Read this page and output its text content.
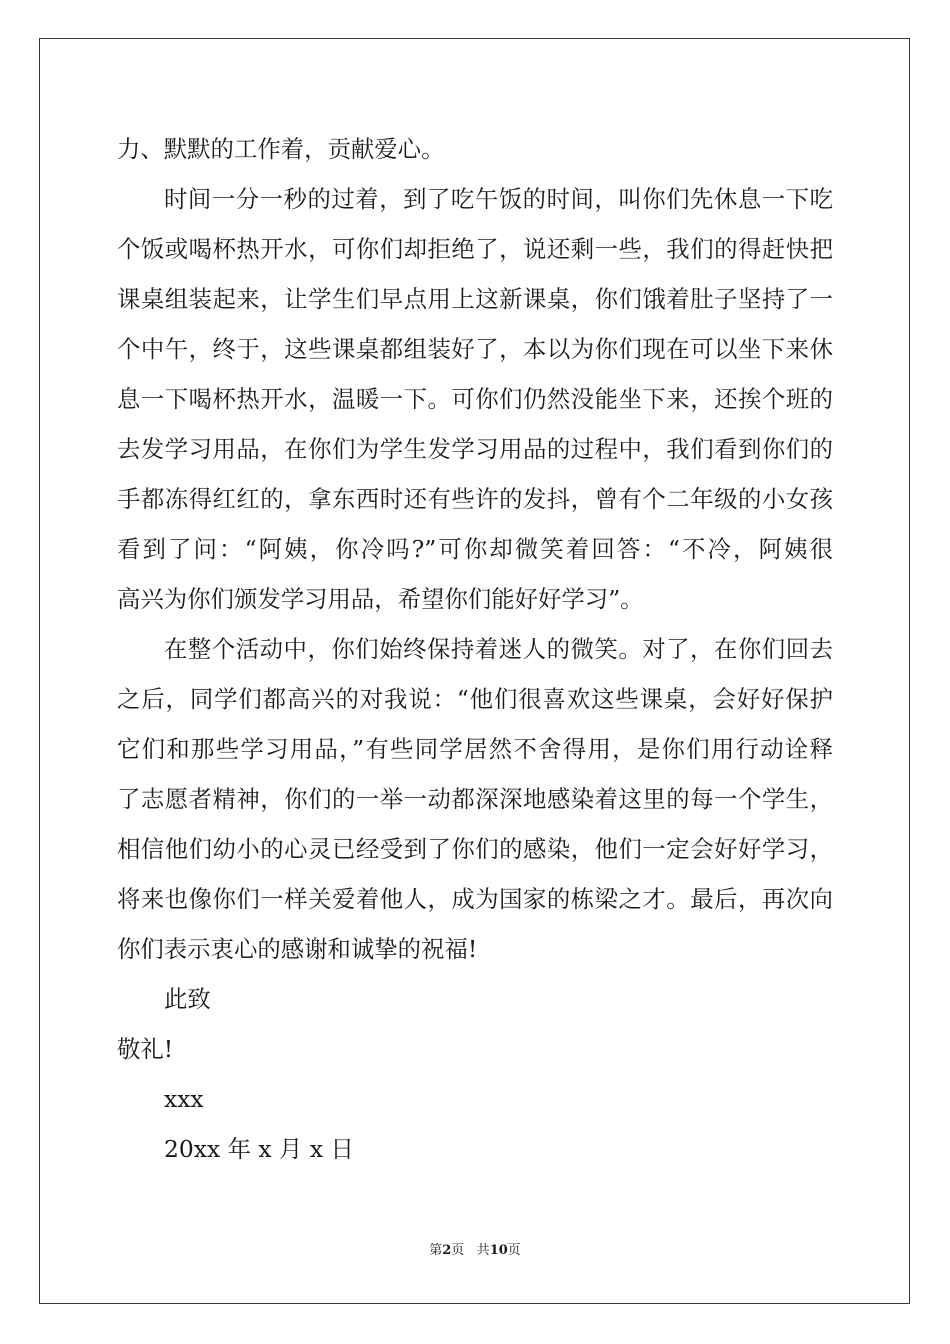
力、默默的工作着，贡献爱心。
时间一分一秒的过着，到了吃午饭的时间，叫你们先休息一下吃
个饭或喝杯热开水，可你们却拒绝了，说还剩一些，我们的得赶快把
课桌组装起来，让学生们早点用上这新课桌，你们饿着肚子坚持了一
个中午，终于，这些课桌都组装好了，本以为你们现在可以坐下来休
息一下喝杯热开水，温暖一下。可你们仍然没能坐下来，还挨个班的
去发学习用品，在你们为学生发学习用品的过程中，我们看到你们的
手都冻得红红的，拿东西时还有些许的发抖，曾有个二年级的小女孩
看到了问：“阿姨，你冷吗?”可你却微笑着回答：“不冷，阿姨很
高兴为你们颁发学习用品，希望你们能好好学习”。
在整个活动中，你们始终保持着迷人的微笑。对了，在你们回去
之后，同学们都高兴的对我说：“他们很喜欢这些课桌，会好好保护
它们和那些学习用品，”有些同学居然不舍得用，是你们用行动诠释
了志愿者精神，你们的一举一动都深深地感染着这里的每一个学生，
相信他们幼小的心灵已经受到了你们的感染，他们一定会好好学习，
将来也像你们一样关爱着他人，成为国家的栋梁之才。最后，再次向
你们表示衷心的感谢和诚挚的祝福!
此致
敬礼!
xxx
20xx 年 x 月 x 日
第2页 共10页
